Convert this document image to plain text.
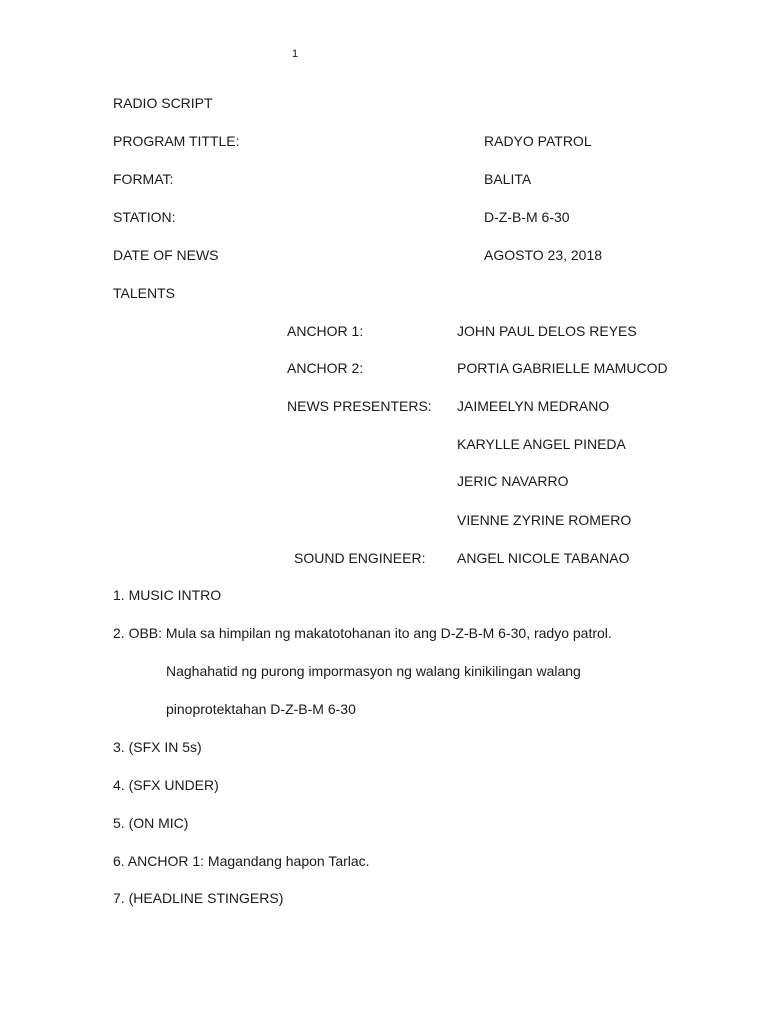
1
RADIO SCRIPT
PROGRAM TITTLE:	RADYO PATROL
FORMAT:	BALITA
STATION:	D-Z-B-M 6-30
DATE OF NEWS	AGOSTO 23, 2018
TALENTS
ANCHOR 1:	JOHN PAUL DELOS REYES
ANCHOR 2:	PORTIA GABRIELLE MAMUCOD
NEWS PRESENTERS: JAIMEELYN MEDRANO
KARYLLE ANGEL PINEDA
JERIC NAVARRO
VIENNE ZYRINE ROMERO
SOUND ENGINEER: ANGEL NICOLE TABANAO
1. MUSIC INTRO
2. OBB: Mula sa himpilan ng makatotohanan ito ang D-Z-B-M 6-30, radyo patrol.
Naghahatid ng purong impormasyon ng walang kinikilingan walang
pinoprotektahan D-Z-B-M 6-30
3. (SFX IN 5s)
4. (SFX UNDER)
5. (ON MIC)
6. ANCHOR 1: Magandang hapon Tarlac.
7. (HEADLINE STINGERS)
